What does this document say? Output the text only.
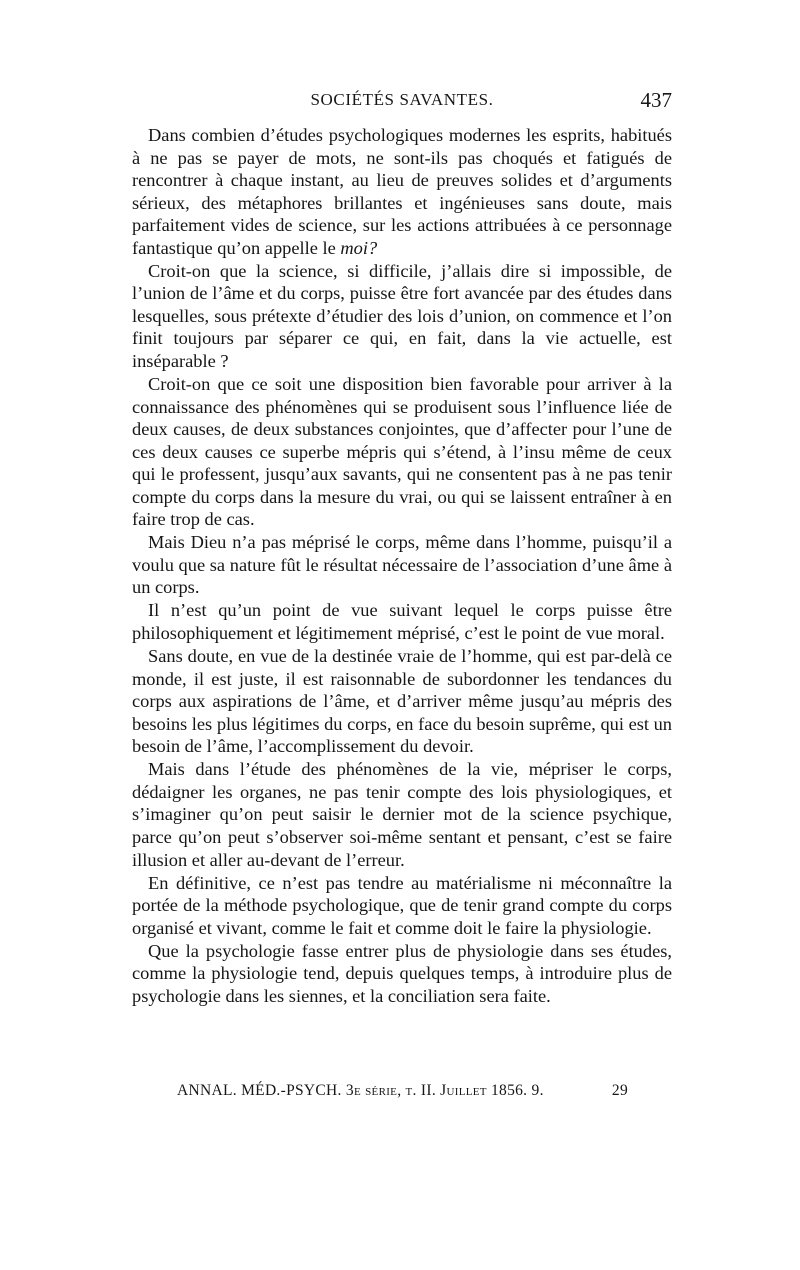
SOCIÉTÉS SAVANTES.	437

Dans combien d’études psychologiques modernes les esprits, habitués à ne pas se payer de mots, ne sont-ils pas choqués et fatigués de rencontrer à chaque instant, au lieu de preuves solides et d’arguments sérieux, des métaphores brillantes et ingénieuses sans doute, mais parfaitement vides de science, sur les actions attribuées à ce personnage fantastique qu’on appelle le moi?

Croit-on que la science, si difficile, j’allais dire si impossible, de l’union de l’âme et du corps, puisse être fort avancée par des études dans lesquelles, sous prétexte d’étudier des lois d’union, on commence et l’on finit toujours par séparer ce qui, en fait, dans la vie actuelle, est inséparable ?

Croit-on que ce soit une disposition bien favorable pour arriver à la connaissance des phénomènes qui se produisent sous l’influence liée de deux causes, de deux substances conjointes, que d’affecter pour l’une de ces deux causes ce superbe mépris qui s’étend, à l’insu même de ceux qui le professent, jusqu’aux savants, qui ne consentent pas à ne pas tenir compte du corps dans la mesure du vrai, ou qui se laissent entraîner à en faire trop de cas.

Mais Dieu n’a pas méprisé le corps, même dans l’homme, puisqu’il a voulu que sa nature fût le résultat nécessaire de l’association d’une âme à un corps.

Il n’est qu’un point de vue suivant lequel le corps puisse être philosophiquement et légitimement méprisé, c’est le point de vue moral.

Sans doute, en vue de la destinée vraie de l’homme, qui est par-delà ce monde, il est juste, il est raisonnable de subordonner les tendances du corps aux aspirations de l’âme, et d’arriver même jusqu’au mépris des besoins les plus légitimes du corps, en face du besoin suprême, qui est un besoin de l’âme, l’accomplissement du devoir.

Mais dans l’étude des phénomènes de la vie, mépriser le corps, dédaigner les organes, ne pas tenir compte des lois physiologiques, et s’imaginer qu’on peut saisir le dernier mot de la science psychique, parce qu’on peut s’observer soi-même sentant et pensant, c’est se faire illusion et aller au-devant de l’erreur.

En définitive, ce n’est pas tendre au matérialisme ni méconnaître la portée de la méthode psychologique, que de tenir grand compte du corps organisé et vivant, comme le fait et comme doit le faire la physiologie.

Que la psychologie fasse entrer plus de physiologie dans ses études, comme la physiologie tend, depuis quelques temps, à introduire plus de psychologie dans les siennes, et la conciliation sera faite.

ANNAL. MÉD.-PSYCH. 3e série, t. II. Juillet 1856. 9.	29
